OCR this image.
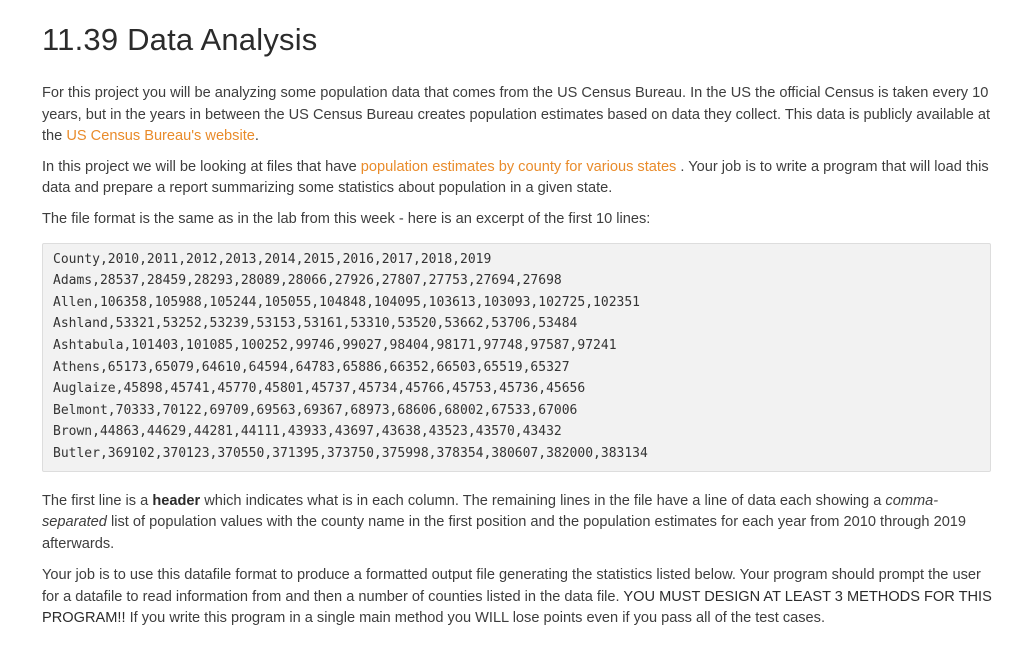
11.39 Data Analysis

For this project you will be analyzing some population data that comes from the US Census Bureau. In the US the official Census is taken every 10 years, but in the years in between the US Census Bureau creates population estimates based on data they collect. This data is publicly available at the US Census Bureau's website.

In this project we will be looking at files that have population estimates by county for various states . Your job is to write a program that will load this data and prepare a report summarizing some statistics about population in a given state.

The file format is the same as in the lab from this week - here is an excerpt of the first 10 lines:

County,2010,2011,2012,2013,2014,2015,2016,2017,2018,2019
Adams,28537,28459,28293,28089,28066,27926,27807,27753,27694,27698
Allen,106358,105988,105244,105055,104848,104095,103613,103093,102725,102351
Ashland,53321,53252,53239,53153,53161,53310,53520,53662,53706,53484
Ashtabula,101403,101085,100252,99746,99027,98404,98171,97748,97587,97241
Athens,65173,65079,64610,64594,64783,65886,66352,66503,65519,65327
Auglaize,45898,45741,45770,45801,45737,45734,45766,45753,45736,45656
Belmont,70333,70122,69709,69563,69367,68973,68606,68002,67533,67006
Brown,44863,44629,44281,44111,43933,43697,43638,43523,43570,43432
Butler,369102,370123,370550,371395,373750,375998,378354,380607,382000,383134

The first line is a header which indicates what is in each column. The remaining lines in the file have a line of data each showing a comma-separated list of population values with the county name in the first position and the population estimates for each year from 2010 through 2019 afterwards.

Your job is to use this datafile format to produce a formatted output file generating the statistics listed below. Your program should prompt the user for a datafile to read information from and then a number of counties listed in the data file. YOU MUST DESIGN AT LEAST 3 METHODS FOR THIS PROGRAM!! If you write this program in a single main method you WILL lose points even if you pass all of the test cases.
